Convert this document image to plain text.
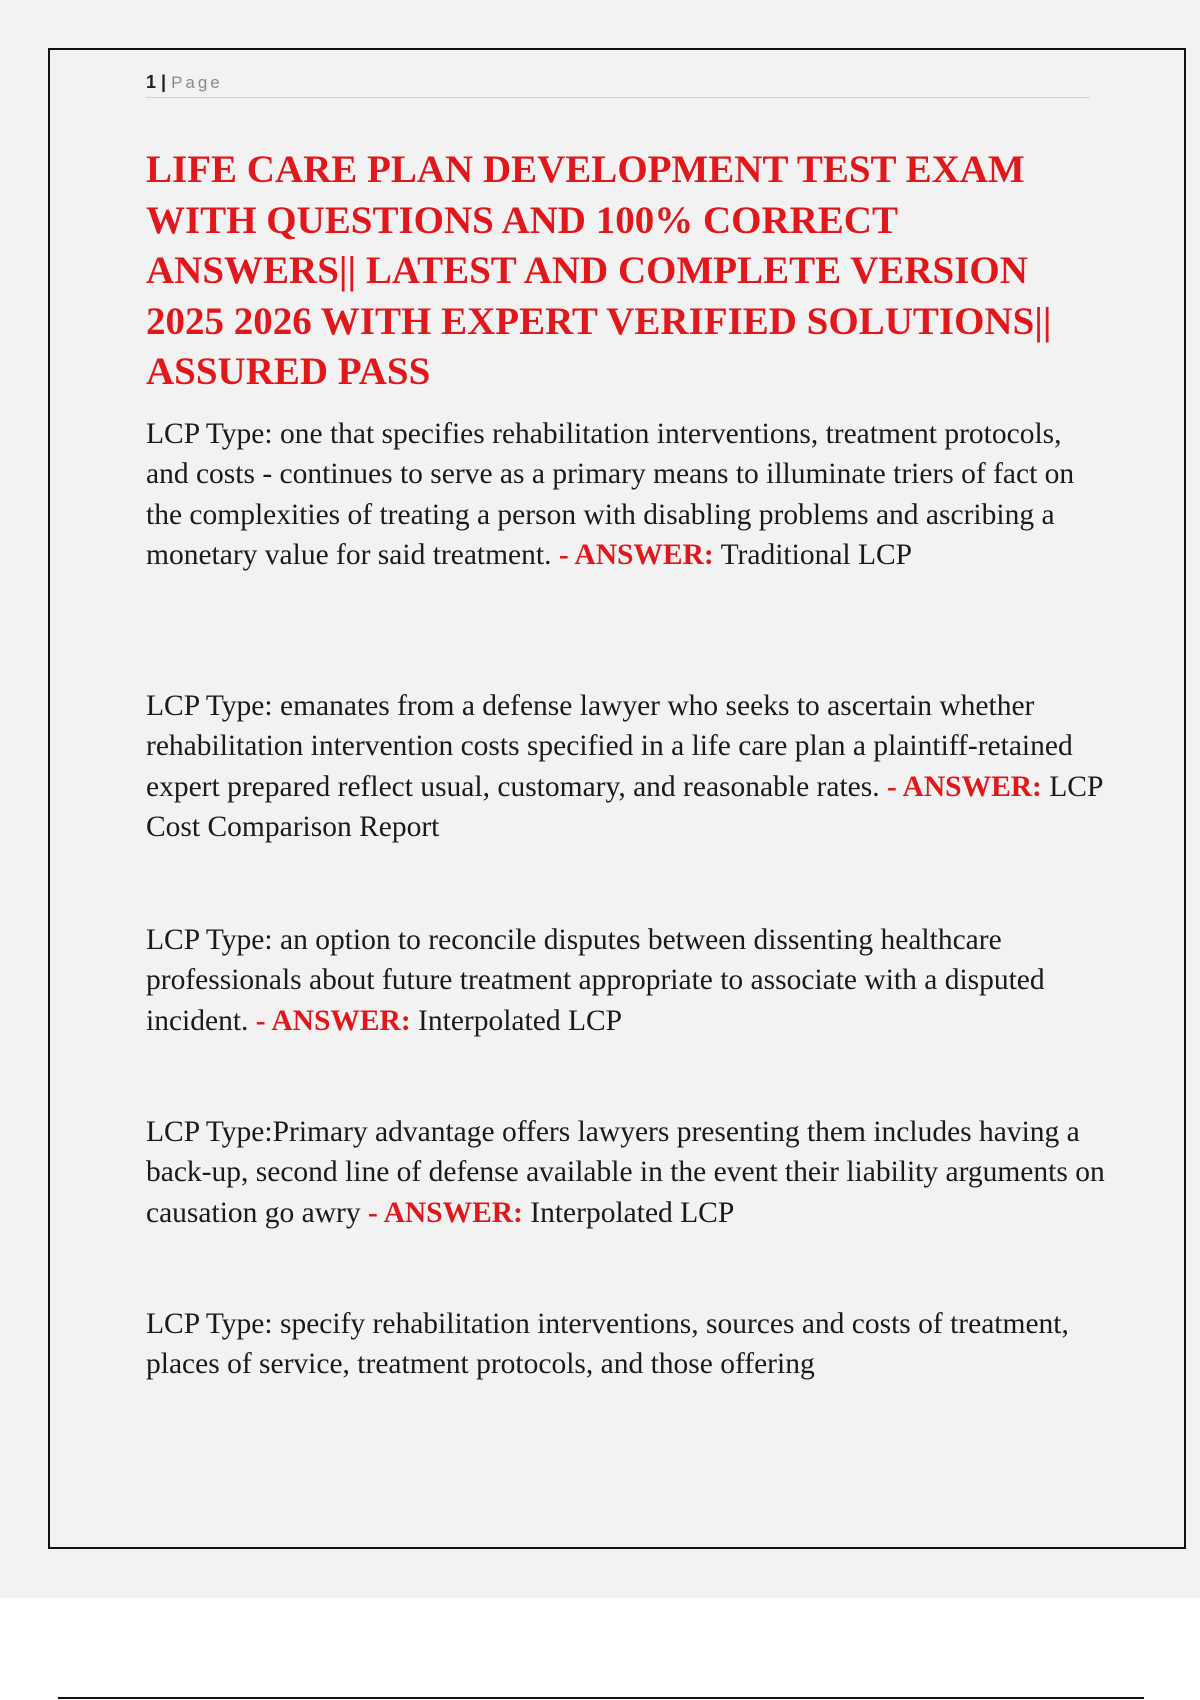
1 | Page
LIFE CARE PLAN DEVELOPMENT TEST EXAM WITH QUESTIONS AND 100% CORRECT ANSWERS|| LATEST AND COMPLETE VERSION 2025 2026 WITH EXPERT VERIFIED SOLUTIONS|| ASSURED PASS

LCP Type: one that specifies rehabilitation interventions, treatment protocols, and costs - continues to serve as a primary means to illuminate triers of fact on the complexities of treating a person with disabling problems and ascribing a monetary value for said treatment. - ANSWER: Traditional LCP

LCP Type: emanates from a defense lawyer who seeks to ascertain whether rehabilitation intervention costs specified in a life care plan a plaintiff-retained expert prepared reflect usual, customary, and reasonable rates. - ANSWER: LCP Cost Comparison Report

LCP Type: an option to reconcile disputes between dissenting healthcare professionals about future treatment appropriate to associate with a disputed incident. - ANSWER: Interpolated LCP

LCP Type:Primary advantage offers lawyers presenting them includes having a back-up, second line of defense available in the event their liability arguments on causation go awry - ANSWER: Interpolated LCP

LCP Type: specify rehabilitation interventions, sources and costs of treatment, places of service, treatment protocols, and those offering
